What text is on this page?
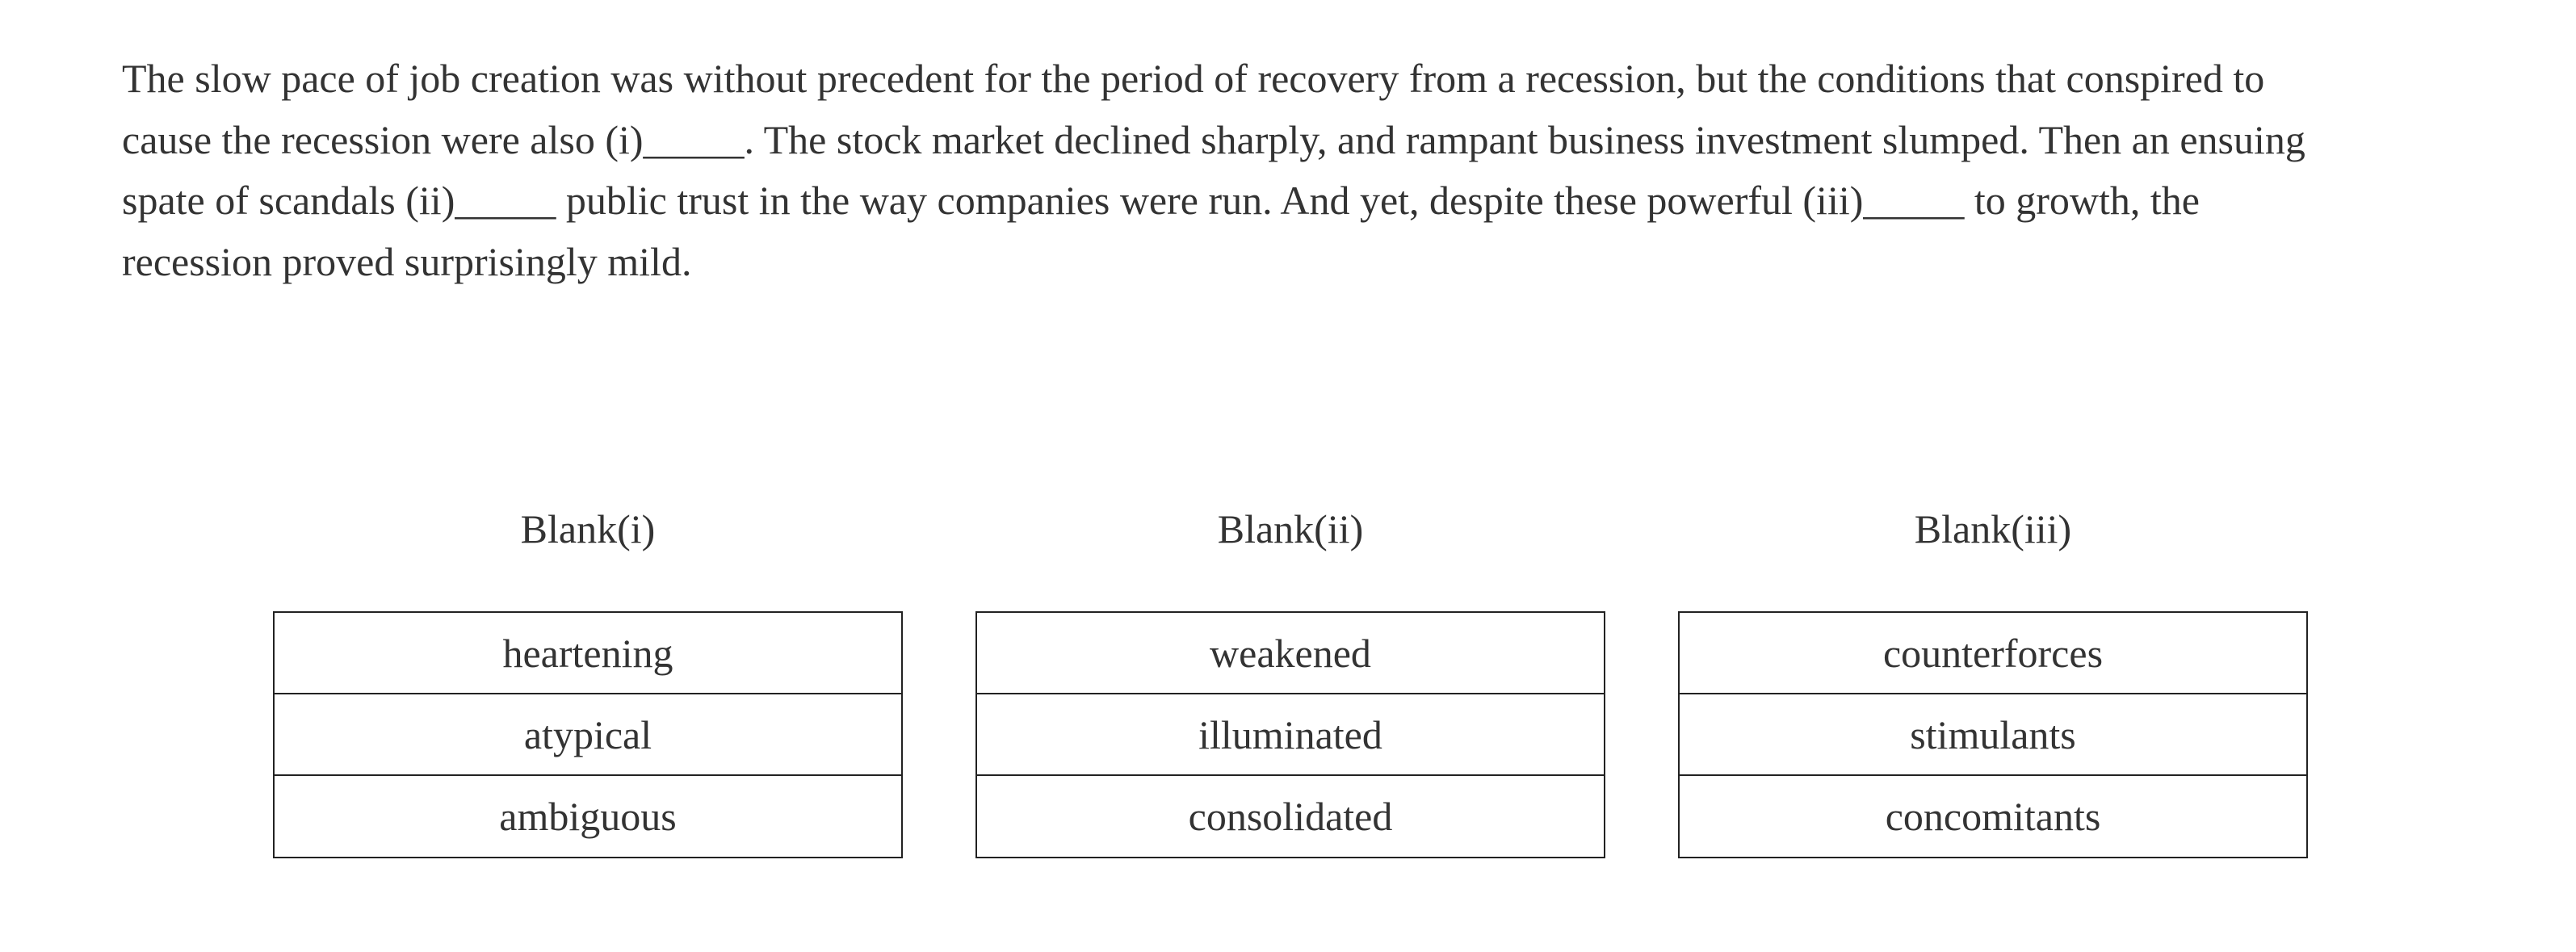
The slow pace of job creation was without precedent for the period of recovery from a recession, but the conditions that conspired to
cause the recession were also (i)_____. The stock market declined sharply, and rampant business investment slumped. Then an ensuing
spate of scandals (ii)_____ public trust in the way companies were run. And yet, despite these powerful (iii)_____ to growth, the
recession proved surprisingly mild.

Blank(i)
heartening
atypical
ambiguous
Blank(ii)
weakened
illuminated
consolidated
Blank(iii)
counterforces
stimulants
concomitants
